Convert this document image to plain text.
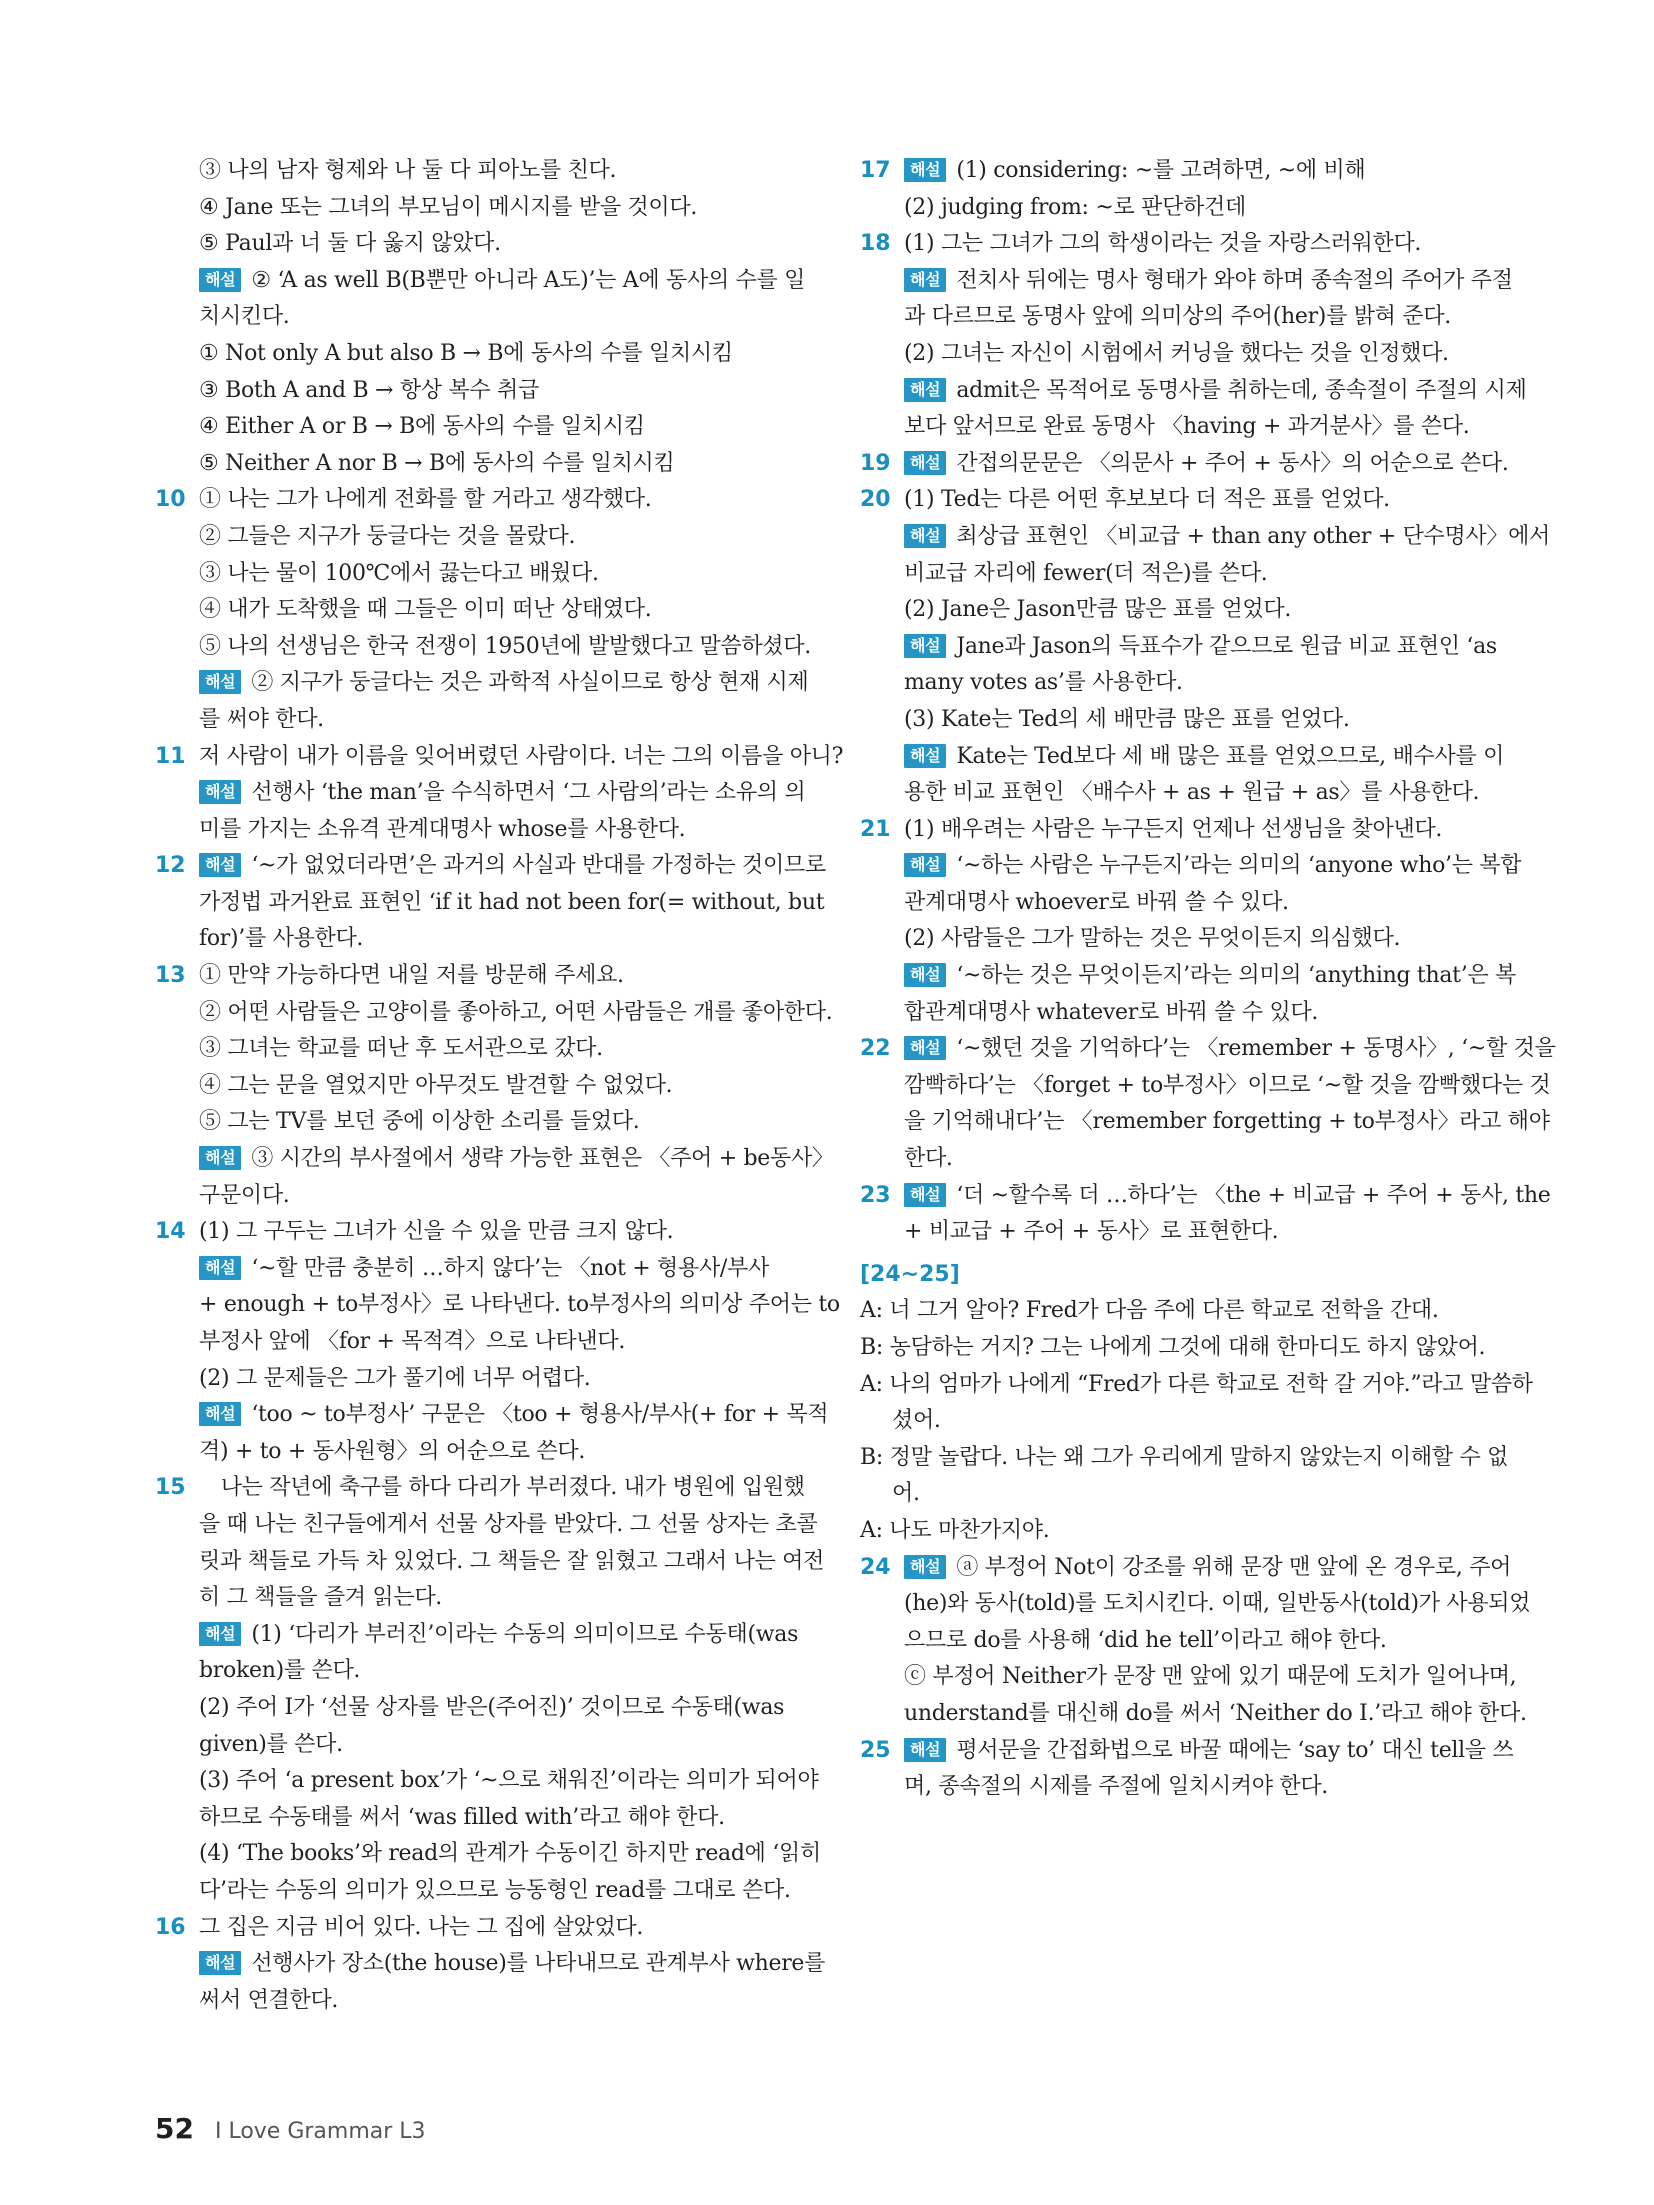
③ 나의 남자 형제와 나 둘 다 피아노를 친다.
④ Jane 또는 그녀의 부모님이 메시지를 받을 것이다.
⑤ Paul과 너 둘 다 옳지 않았다.
해설 ② ‘A as well B(B뿐만 아니라 A도)’는 A에 동사의 수를 일
치시킨다.
① Not only A but also B → B에 동사의 수를 일치시킴
③ Both A and B → 항상 복수 취급
④ Either A or B → B에 동사의 수를 일치시킴
⑤ Neither A nor B → B에 동사의 수를 일치시킴
10 ① 나는 그가 나에게 전화를 할 거라고 생각했다.
② 그들은 지구가 둥글다는 것을 몰랐다.
③ 나는 물이 100℃에서 끓는다고 배웠다.
④ 내가 도착했을 때 그들은 이미 떠난 상태였다.
⑤ 나의 선생님은 한국 전쟁이 1950년에 발발했다고 말씀하셨다.
해설 ② 지구가 둥글다는 것은 과학적 사실이므로 항상 현재 시제
를 써야 한다.
11 저 사람이 내가 이름을 잊어버렸던 사람이다. 너는 그의 이름을 아니?
해설 선행사 ‘the man’을 수식하면서 ‘그 사람의’라는 소유의 의
미를 가지는 소유격 관계대명사 whose를 사용한다.
12	해설 ‘~가 없었더라면’은 과거의 사실과 반대를 가정하는 것이므로
가정법 과거완료 표현인 ‘if it had not been for(= without, but
for)’를 사용한다.
13 ① 만약 가능하다면 내일 저를 방문해 주세요.
② 어떤 사람들은 고양이를 좋아하고, 어떤 사람들은 개를 좋아한다.
③ 그녀는 학교를 떠난 후 도서관으로 갔다.
④ 그는 문을 열었지만 아무것도 발견할 수 없었다.
⑤ 그는 TV를 보던 중에 이상한 소리를 들었다.
해설 ③ 시간의 부사절에서 생략 가능한 표현은 〈주어 + be동사〉
구문이다.
14 (1) 그 구두는 그녀가 신을 수 있을 만큼 크지 않다.
해설 ‘~할 만큼 충분히 …하지 않다’는 〈not + 형용사/부사
+ enough + to부정사〉로 나타낸다. to부정사의 의미상 주어는 to
부정사 앞에 〈for + 목적격〉으로 나타낸다.
(2) 그 문제들은 그가 풀기에 너무 어렵다.
해설 ‘too ~ to부정사’ 구문은 〈too + 형용사/부사(+ for + 목적
격) + to + 동사원형〉의 어순으로 쓴다.
15 　나는 작년에 축구를 하다 다리가 부러졌다. 내가 병원에 입원했
을 때 나는 친구들에게서 선물 상자를 받았다. 그 선물 상자는 초콜
릿과 책들로 가득 차 있었다. 그 책들은 잘 읽혔고 그래서 나는 여전
히 그 책들을 즐겨 읽는다.
해설 (1) ‘다리가 부러진’이라는 수동의 의미이므로 수동태(was
broken)를 쓴다.
(2) 주어 I가 ‘선물 상자를 받은(주어진)’ 것이므로 수동태(was
given)를 쓴다.
(3) 주어 ‘a present box’가 ‘~으로 채워진’이라는 의미가 되어야
하므로 수동태를 써서 ‘was filled with’라고 해야 한다.
(4) ‘The books’와 read의 관계가 수동이긴 하지만 read에 ‘읽히
다’라는 수동의 의미가 있으므로 능동형인 read를 그대로 쓴다.
16 그 집은 지금 비어 있다. 나는 그 집에 살았었다.
해설 선행사가 장소(the house)를 나타내므로 관계부사 where를
써서 연결한다.
17	해설 (1) considering: ~를 고려하면, ~에 비해
(2) judging from: ~로 판단하건데
18 (1) 그는 그녀가 그의 학생이라는 것을 자랑스러워한다.
해설 전치사 뒤에는 명사 형태가 와야 하며 종속절의 주어가 주절
과 다르므로 동명사 앞에 의미상의 주어(her)를 밝혀 준다.
(2) 그녀는 자신이 시험에서 커닝을 했다는 것을 인정했다.
해설 admit은 목적어로 동명사를 취하는데, 종속절이 주절의 시제
보다 앞서므로 완료 동명사 〈having + 과거분사〉를 쓴다.
19	해설 간접의문문은 〈의문사 + 주어 + 동사〉의 어순으로 쓴다.
20 (1) Ted는 다른 어떤 후보보다 더 적은 표를 얻었다.
해설 최상급 표현인 〈비교급 + than any other + 단수명사〉에서
비교급 자리에 fewer(더 적은)를 쓴다.
(2) Jane은 Jason만큼 많은 표를 얻었다.
해설 Jane과 Jason의 득표수가 같으므로 원급 비교 표현인 ‘as
many votes as’를 사용한다.
(3) Kate는 Ted의 세 배만큼 많은 표를 얻었다.
해설 Kate는 Ted보다 세 배 많은 표를 얻었으므로, 배수사를 이
용한 비교 표현인 〈배수사 + as + 원급 + as〉를 사용한다.
21 (1) 배우려는 사람은 누구든지 언제나 선생님을 찾아낸다.
해설 ‘~하는 사람은 누구든지’라는 의미의 ‘anyone who’는 복합
관계대명사 whoever로 바꿔 쓸 수 있다.
(2) 사람들은 그가 말하는 것은 무엇이든지 의심했다.
해설 ‘~하는 것은 무엇이든지’라는 의미의 ‘anything that’은 복
합관계대명사 whatever로 바꿔 쓸 수 있다.
22	해설 ‘~했던 것을 기억하다’는 〈remember + 동명사〉, ‘~할 것을
깜빡하다’는 〈forget + to부정사〉이므로 ‘~할 것을 깜빡했다는 것
을 기억해내다’는 〈remember forgetting + to부정사〉라고 해야
한다.
23	해설 ‘더 ~할수록 더 …하다’는 〈the + 비교급 + 주어 + 동사, the
+ 비교급 + 주어 + 동사〉로 표현한다.
[24~25]
A: 너 그거 알아? Fred가 다음 주에 다른 학교로 전학을 간대.
B: 농담하는 거지? 그는 나에게 그것에 대해 한마디도 하지 않았어.
A: 나의 엄마가 나에게 “Fred가 다른 학교로 전학 갈 거야.”라고 말씀하
셨어.
B: 정말 놀랍다. 나는 왜 그가 우리에게 말하지 않았는지 이해할 수 없
어.
A: 나도 마찬가지야.
24	해설 ⓐ 부정어 Not이 강조를 위해 문장 맨 앞에 온 경우로, 주어
(he)와 동사(told)를 도치시킨다. 이때, 일반동사(told)가 사용되었
으므로 do를 사용해 ‘did he tell’이라고 해야 한다.
ⓒ 부정어 Neither가 문장 맨 앞에 있기 때문에 도치가 일어나며,
understand를 대신해 do를 써서 ‘Neither do I.’라고 해야 한다.
25	해설 평서문을 간접화법으로 바꿀 때에는 ‘say to’ 대신 tell을 쓰
며, 종속절의 시제를 주절에 일치시켜야 한다.
52 I Love Grammar L3
